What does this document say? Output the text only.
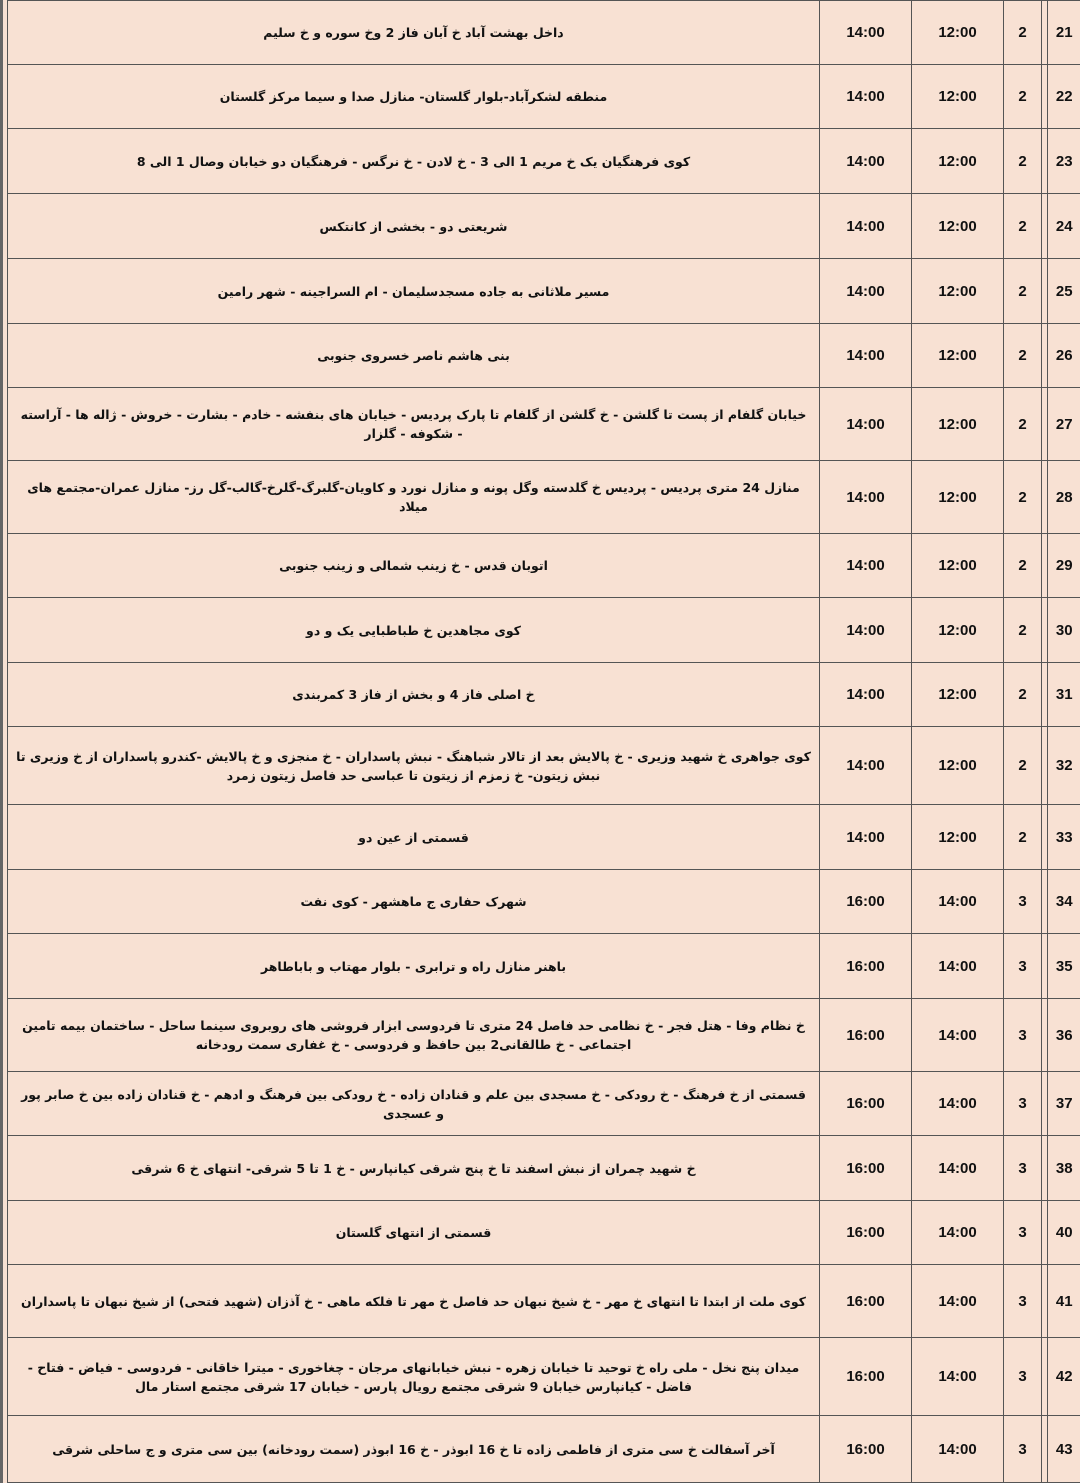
داخل بهشت آباد خ آبان فاز 2 وخ سوره و خ سلیم	14:00	12:00	2		21
منطقه لشکرآباد-بلوار گلستان- منازل صدا و سیما مرکز گلستان	14:00	12:00	2		22
کوی فرهنگیان یک خ مریم 1 الی 3 - خ لادن - خ نرگس - فرهنگیان دو خیابان وصال 1 الی 8	14:00	12:00	2		23
شریعتی دو - بخشی از کانتکس	14:00	12:00	2		24
مسیر ملاثانی به جاده مسجدسلیمان - ام السراجینه - شهر رامین	14:00	12:00	2		25
بنی هاشم ناصر خسروی جنوبی	14:00	12:00	2		26
خیابان گلفام از پست تا گلشن - خ گلشن از گلفام تا پارک پردیس - خیابان های بنفشه - خادم - بشارت - خروش - ژاله ها - آراسته - شکوفه - گلزار	14:00	12:00	2		27
منازل 24 متری پردیس - پردیس خ گلدسته وگل پونه و منازل نورد و کاویان-گلبرگ-گلرخ-گالب-گل رز- منازل عمران-مجتمع های میلاد	14:00	12:00	2		28
اتوبان قدس - خ زینب شمالی و زینب جنوبی	14:00	12:00	2		29
کوی مجاهدین خ طباطبایی یک و دو	14:00	12:00	2		30
خ اصلی فاز 4 و بخش از فاز 3 کمربندی	14:00	12:00	2		31
کوی جواهری خ شهید وزیری - خ پالایش بعد از تالار شباهنگ - نبش پاسداران - خ منجزی و خ پالایش -کندرو پاسداران از خ وزیری تا نبش زیتون- خ زمزم از زیتون تا عباسی حد فاصل زیتون زمرد	14:00	12:00	2		32
قسمتی از عین دو	14:00	12:00	2		33
شهرک حفاری ج ماهشهر - کوی نفت	16:00	14:00	3		34
باهنر منازل راه و ترابری - بلوار مهتاب و باباطاهر	16:00	14:00	3		35
خ نظام وفا - هتل فجر - خ نظامی حد فاصل 24 متری تا فردوسی ابزار فروشی های روبروی سینما ساحل - ساختمان بیمه تامین اجتماعی - خ طالقانی2 بین حافظ و فردوسی - خ غفاری سمت رودخانه	16:00	14:00	3		36
قسمتی از خ فرهنگ - خ رودکی - خ مسجدی بین علم و قنادان زاده - خ رودکی بین فرهنگ و ادهم - خ قنادان زاده بین خ صابر پور و عسجدی	16:00	14:00	3		37
خ شهید چمران از نبش اسفند تا خ پنج شرقی کیانپارس - خ 1 تا 5 شرقی- انتهای خ 6 شرقی	16:00	14:00	3		38
قسمتی از انتهای گلستان	16:00	14:00	3		40
کوی ملت از ابتدا تا انتهای خ مهر - خ شیخ نبهان حد فاصل خ مهر تا فلکه ماهی - خ آذزان (شهید فتحی) از شیخ نبهان تا پاسداران	16:00	14:00	3		41
میدان پنج نخل - ملی راه خ توحید تا خیابان زهره - نبش خیابانهای مرجان - چغاخوری - میترا خاقانی - فردوسی - فیاض - فتاح - فاضل - کیانپارس خیابان 9 شرقی مجتمع رویال پارس - خیابان 17 شرقی مجتمع استار مال	16:00	14:00	3		42
آخر آسفالت خ سی متری از فاطمی زاده تا خ 16 ابوذر - خ 16 ابوذر (سمت رودخانه) بین سی متری و ج ساحلی شرقی	16:00	14:00	3		43
